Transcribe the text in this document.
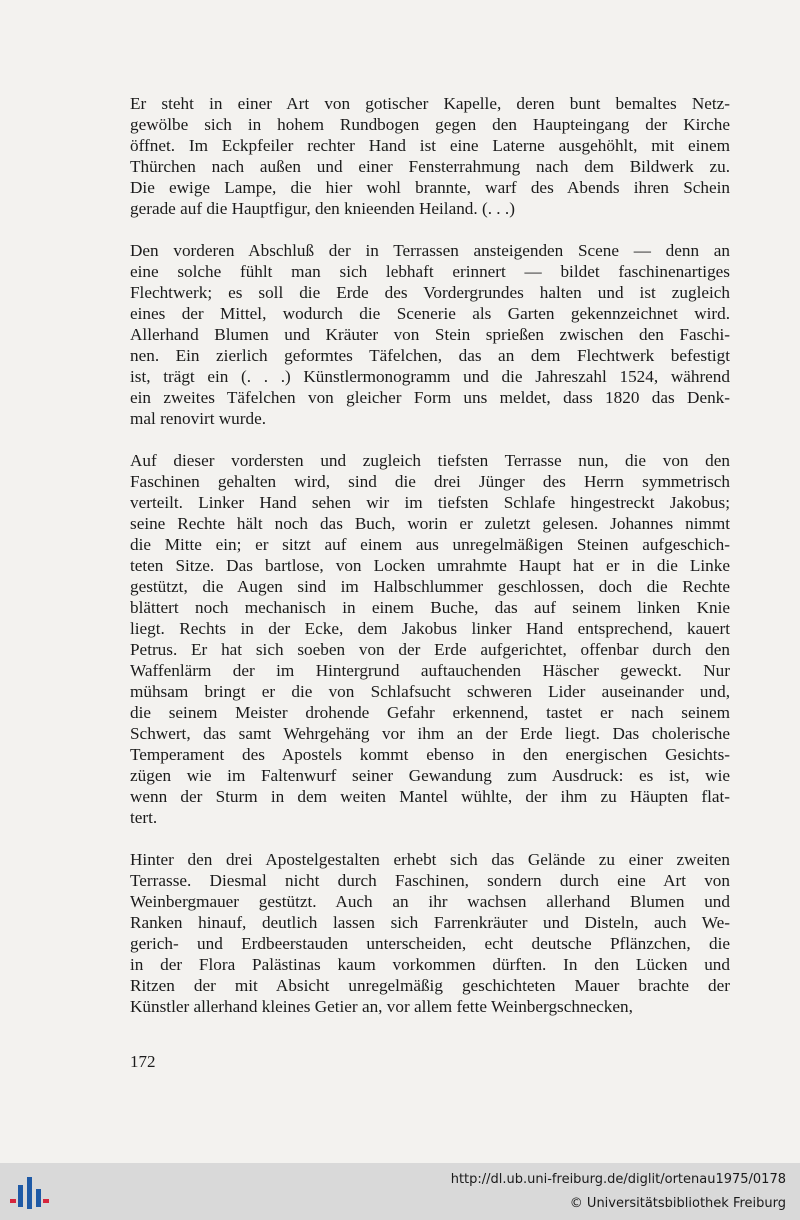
Er steht in einer Art von gotischer Kapelle, deren bunt bemaltes Netz-
gewölbe sich in hohem Rundbogen gegen den Haupteingang der Kirche
öffnet. Im Eckpfeiler rechter Hand ist eine Laterne ausgehöhlt, mit einem
Thürchen nach außen und einer Fensterrahmung nach dem Bildwerk zu.
Die ewige Lampe, die hier wohl brannte, warf des Abends ihren Schein
gerade auf die Hauptfigur, den knieenden Heiland. (. . .)
Den vorderen Abschluß der in Terrassen ansteigenden Scene — denn an
eine solche fühlt man sich lebhaft erinnert — bildet faschinenartiges
Flechtwerk; es soll die Erde des Vordergrundes halten und ist zugleich
eines der Mittel, wodurch die Scenerie als Garten gekennzeichnet wird.
Allerhand Blumen und Kräuter von Stein sprießen zwischen den Faschi-
nen. Ein zierlich geformtes Täfelchen, das an dem Flechtwerk befestigt
ist, trägt ein (. . .) Künstlermonogramm und die Jahreszahl 1524, während
ein zweites Täfelchen von gleicher Form uns meldet, dass 1820 das Denk-
mal renovirt wurde.
Auf dieser vordersten und zugleich tiefsten Terrasse nun, die von den
Faschinen gehalten wird, sind die drei Jünger des Herrn symmetrisch
verteilt. Linker Hand sehen wir im tiefsten Schlafe hingestreckt Jakobus;
seine Rechte hält noch das Buch, worin er zuletzt gelesen. Johannes nimmt
die Mitte ein; er sitzt auf einem aus unregelmäßigen Steinen aufgeschich-
teten Sitze. Das bartlose, von Locken umrahmte Haupt hat er in die Linke
gestützt, die Augen sind im Halbschlummer geschlossen, doch die Rechte
blättert noch mechanisch in einem Buche, das auf seinem linken Knie
liegt. Rechts in der Ecke, dem Jakobus linker Hand entsprechend, kauert
Petrus. Er hat sich soeben von der Erde aufgerichtet, offenbar durch den
Waffenlärm der im Hintergrund auftauchenden Häscher geweckt. Nur
mühsam bringt er die von Schlafsucht schweren Lider auseinander und,
die seinem Meister drohende Gefahr erkennend, tastet er nach seinem
Schwert, das samt Wehrgehäng vor ihm an der Erde liegt. Das cholerische
Temperament des Apostels kommt ebenso in den energischen Gesichts-
zügen wie im Faltenwurf seiner Gewandung zum Ausdruck: es ist, wie
wenn der Sturm in dem weiten Mantel wühlte, der ihm zu Häupten flat-
tert.
Hinter den drei Apostelgestalten erhebt sich das Gelände zu einer zweiten
Terrasse. Diesmal nicht durch Faschinen, sondern durch eine Art von
Weinbergmauer gestützt. Auch an ihr wachsen allerhand Blumen und
Ranken hinauf, deutlich lassen sich Farrenkräuter und Disteln, auch We-
gerich- und Erdbeerstauden unterscheiden, echt deutsche Pflänzchen, die
in der Flora Palästinas kaum vorkommen dürften. In den Lücken und
Ritzen der mit Absicht unregelmäßig geschichteten Mauer brachte der
Künstler allerhand kleines Getier an, vor allem fette Weinbergschnecken,
172
http://dl.ub.uni-freiburg.de/diglit/ortenau1975/0178
© Universitätsbibliothek Freiburg
